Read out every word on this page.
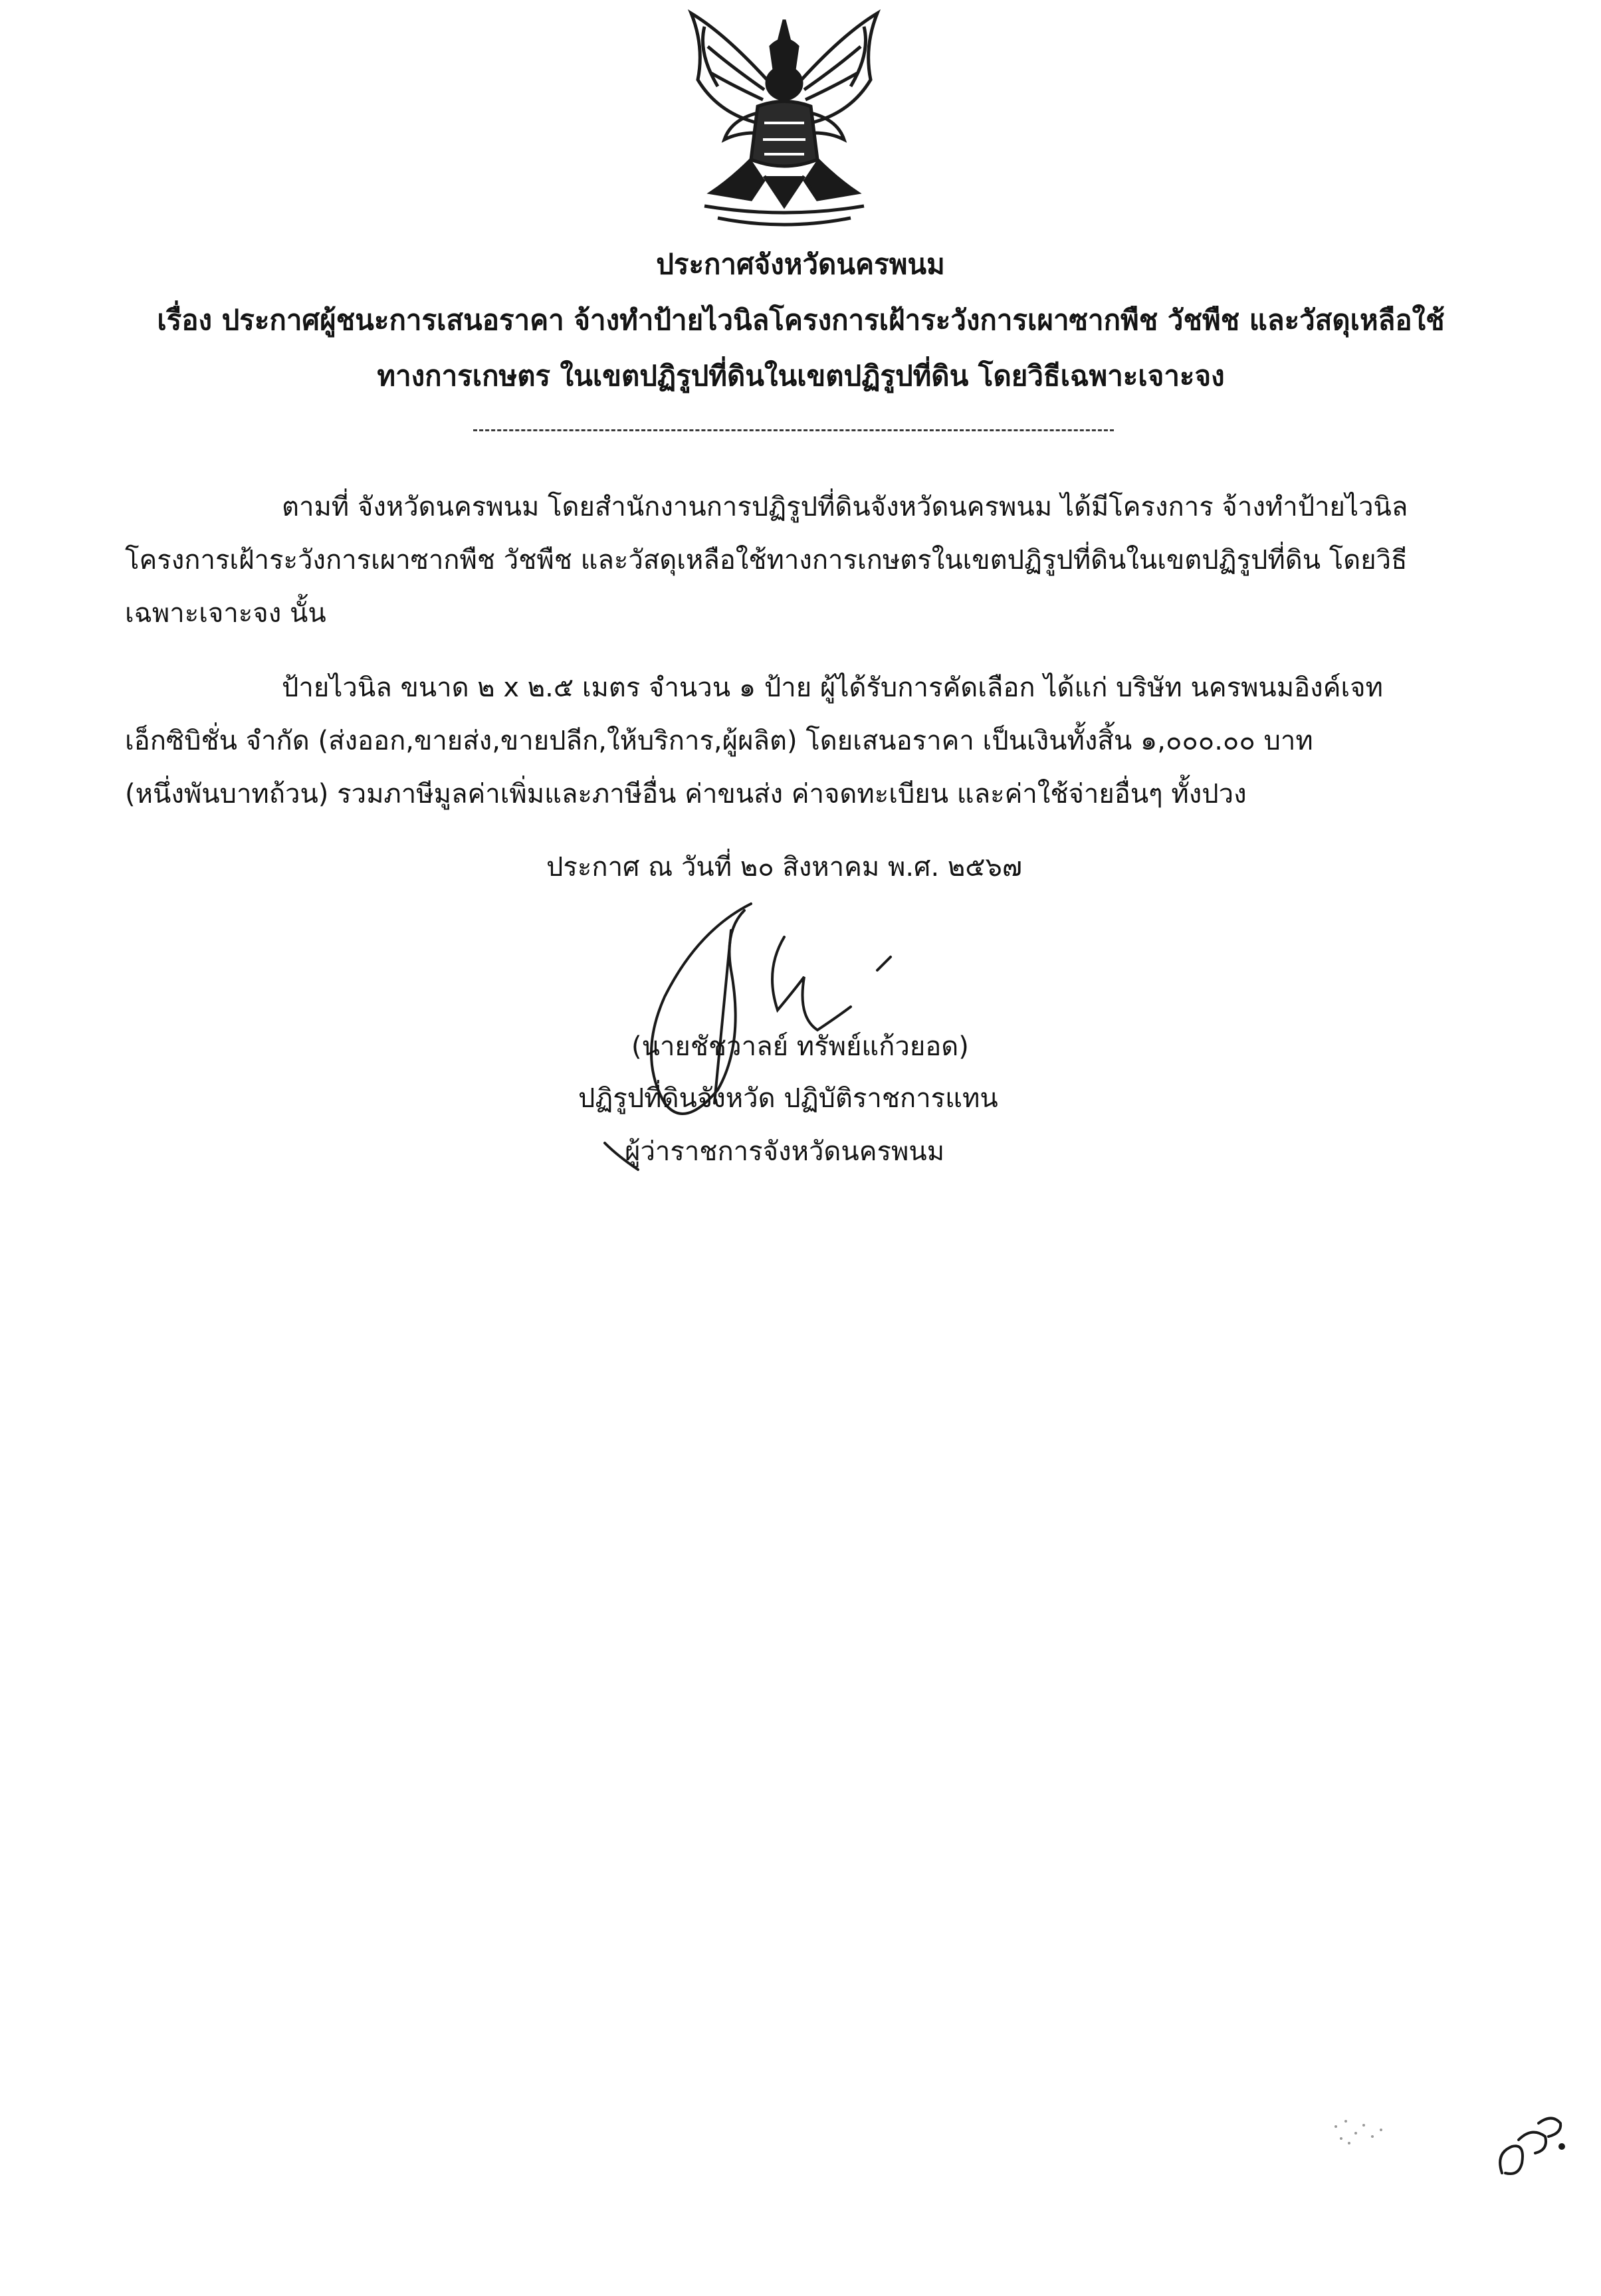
ประกาศจังหวัดนครพนม
เรื่อง ประกาศผู้ชนะการเสนอราคา จ้างทำป้ายไวนิลโครงการเฝ้าระวังการเผาซากพืช วัชพืช และวัสดุเหลือใช้
ทางการเกษตร ในเขตปฏิรูปที่ดินในเขตปฏิรูปที่ดิน โดยวิธีเฉพาะเจาะจง
ตามที่ จังหวัดนครพนม โดยสำนักงานการปฏิรูปที่ดินจังหวัดนครพนม ได้มีโครงการ จ้างทำป้ายไวนิล
โครงการเฝ้าระวังการเผาซากพืช วัชพืช และวัสดุเหลือใช้ทางการเกษตรในเขตปฏิรูปที่ดินในเขตปฏิรูปที่ดิน โดยวิธี
เฉพาะเจาะจง นั้น
ป้ายไวนิล ขนาด ๒ x ๒.๕ เมตร จำนวน ๑ ป้าย ผู้ได้รับการคัดเลือก ได้แก่ บริษัท นครพนมอิงค์เจท
เอ็กซิบิชั่น จำกัด (ส่งออก,ขายส่ง,ขายปลีก,ให้บริการ,ผู้ผลิต) โดยเสนอราคา เป็นเงินทั้งสิ้น ๑,๐๐๐.๐๐ บาท
(หนึ่งพันบาทถ้วน) รวมภาษีมูลค่าเพิ่มและภาษีอื่น ค่าขนส่ง ค่าจดทะเบียน และค่าใช้จ่ายอื่นๆ ทั้งปวง
ประกาศ ณ วันที่ ๒๐ สิงหาคม พ.ศ. ๒๕๖๗
(นายชัชวาลย์ ทรัพย์แก้วยอด)
ปฏิรูปที่ดินจังหวัด ปฏิบัติราชการแทน
ผู้ว่าราชการจังหวัดนครพนม
